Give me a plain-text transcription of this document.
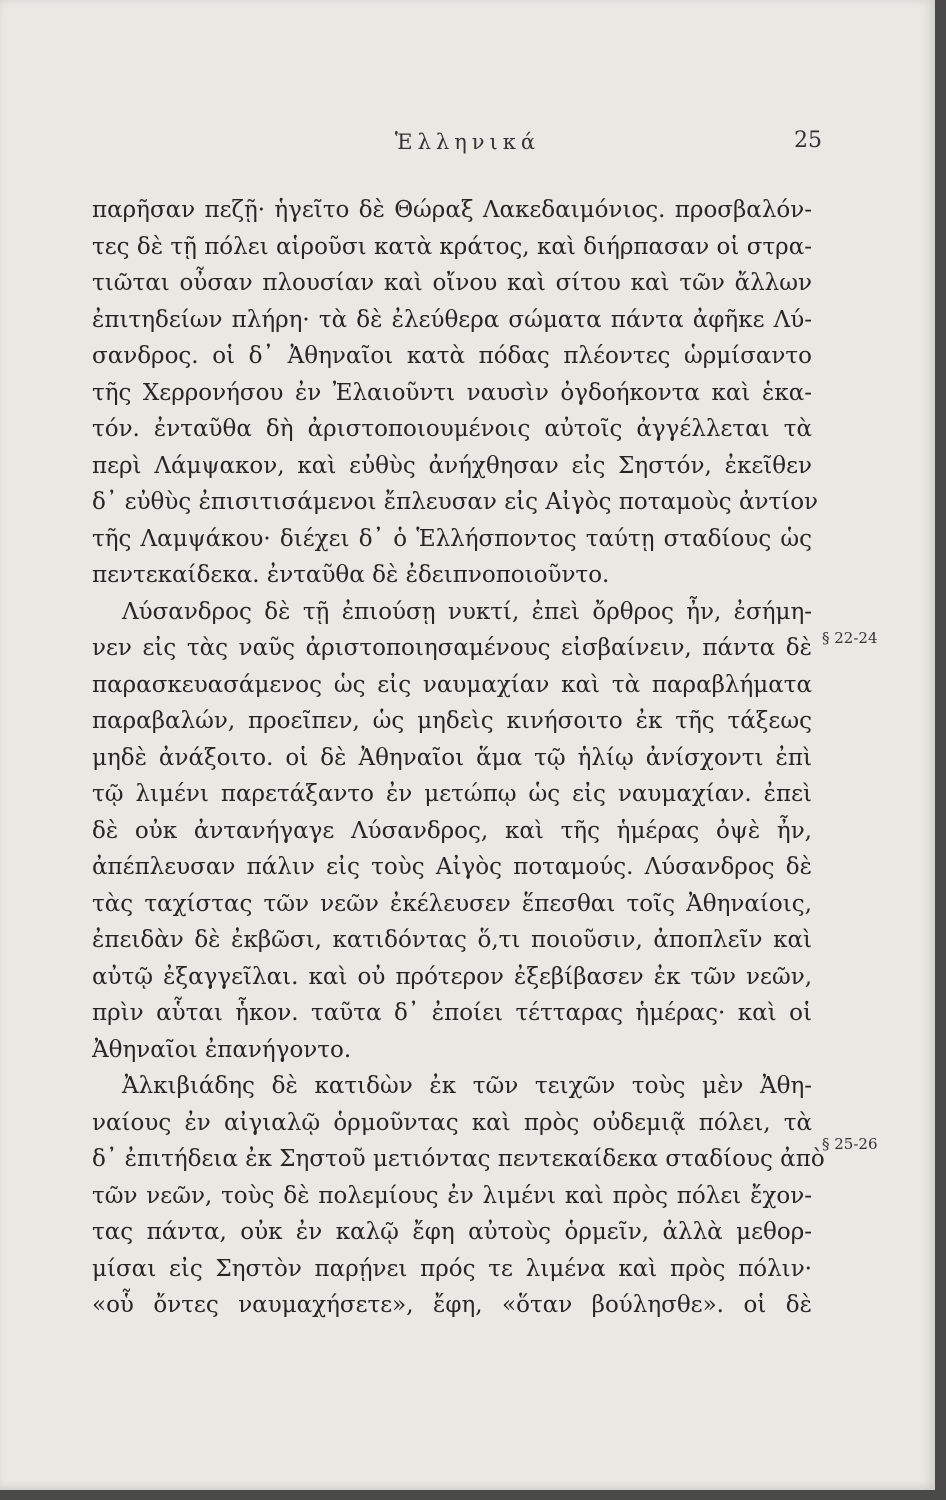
Ἑλληνικά	25
παρῆσαν πεζῇ· ἡγεῖτο δὲ Θώραξ Λακεδαιμόνιος. προσβαλόν-
τες δὲ τῇ πόλει αἱροῦσι κατὰ κράτος, καὶ διήρπασαν οἱ στρα-
τιῶται οὖσαν πλουσίαν καὶ οἴνου καὶ σίτου καὶ τῶν ἄλλων
ἐπιτηδείων πλήρη· τὰ δὲ ἐλεύθερα σώματα πάντα ἀφῆκε Λύ-
σανδρος. οἱ δ᾽ Ἀθηναῖοι κατὰ πόδας πλέοντες ὡρμίσαντο
τῆς Χερρονήσου ἐν Ἐλαιοῦντι ναυσὶν ὀγδοήκοντα καὶ ἑκα-
τόν. ἐνταῦθα δὴ ἀριστοποιουμένοις αὐτοῖς ἀγγέλλεται τὰ
περὶ Λάμψακον, καὶ εὐθὺς ἀνήχθησαν εἰς Σηστόν, ἐκεῖθεν
δ᾽ εὐθὺς ἐπισιτισάμενοι ἔπλευσαν εἰς Αἰγὸς ποταμοὺς ἀντίον
τῆς Λαμψάκου· διέχει δ᾽ ὁ Ἑλλήσποντος ταύτῃ σταδίους ὡς
πεντεκαίδεκα. ἐνταῦθα δὲ ἐδειπνοποιοῦντο.
Λύσανδρος δὲ τῇ ἐπιούσῃ νυκτί, ἐπεὶ ὄρθρος ἦν, ἐσήμη-
νεν εἰς τὰς ναῦς ἀριστοποιησαμένους εἰσβαίνειν, πάντα δὲ
παρασκευασάμενος ὡς εἰς ναυμαχίαν καὶ τὰ παραβλήματα
παραβαλών, προεῖπεν, ὡς μηδεὶς κινήσοιτο ἐκ τῆς τάξεως
μηδὲ ἀνάξοιτο. οἱ δὲ Ἀθηναῖοι ἅμα τῷ ἡλίῳ ἀνίσχοντι ἐπὶ
τῷ λιμένι παρετάξαντο ἐν μετώπῳ ὡς εἰς ναυμαχίαν. ἐπεὶ
δὲ οὐκ ἀντανήγαγε Λύσανδρος, καὶ τῆς ἡμέρας ὀψὲ ἦν,
ἀπέπλευσαν πάλιν εἰς τοὺς Αἰγὸς ποταμούς. Λύσανδρος δὲ
τὰς ταχίστας τῶν νεῶν ἐκέλευσεν ἕπεσθαι τοῖς Ἀθηναίοις,
ἐπειδὰν δὲ ἐκβῶσι, κατιδόντας ὅ,τι ποιοῦσιν, ἀποπλεῖν καὶ
αὐτῷ ἐξαγγεῖλαι. καὶ οὐ πρότερον ἐξεβίβασεν ἐκ τῶν νεῶν,
πρὶν αὗται ἧκον. ταῦτα δ᾽ ἐποίει τέτταρας ἡμέρας· καὶ οἱ
Ἀθηναῖοι ἐπανήγοντο.
Ἀλκιβιάδης δὲ κατιδὼν ἐκ τῶν τειχῶν τοὺς μὲν Ἀθη-
ναίους ἐν αἰγιαλῷ ὁρμοῦντας καὶ πρὸς οὐδεμιᾷ πόλει, τὰ
δ᾽ ἐπιτήδεια ἐκ Σηστοῦ μετιόντας πεντεκαίδεκα σταδίους ἀπὸ
τῶν νεῶν, τοὺς δὲ πολεμίους ἐν λιμένι καὶ πρὸς πόλει ἔχον-
τας πάντα, οὐκ ἐν καλῷ ἔφη αὐτοὺς ὁρμεῖν, ἀλλὰ μεθορ-
μίσαι εἰς Σηστὸν παρῄνει πρός τε λιμένα καὶ πρὸς πόλιν·
«οὗ ὄντες ναυμαχήσετε», ἔφη, «ὅταν βούλησθε». οἱ δὲ
§ 22-24
§ 25-26
